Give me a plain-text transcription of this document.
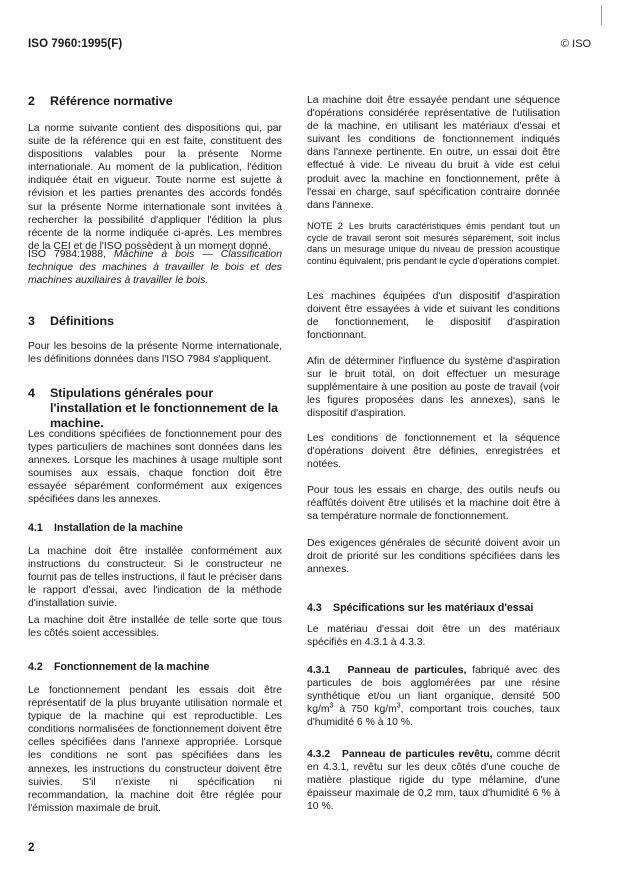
ISO 7960:1995(F)	© ISO
2 Référence normative

La norme suivante contient des dispositions qui, par suite de la référence qui en est faite, constituent des dispositions valables pour la présente Norme internationale. Au moment de la publication, l'édition indiquée était en vigueur. Toute norme est sujette à révision et les parties prenantes des accords fondés sur la présente Norme internationale sont invitées à rechercher la possibilité d'appliquer l'édition la plus récente de la norme indiquée ci-après. Les membres de la CEI et de l'ISO possèdent à un moment donné.

ISO 7984:1988, Machine à bois — Classification technique des machines à travailler le bois et des machines auxiliaires à travailler le bois.

3 Définitions

Pour les besoins de la présente Norme internationale, les définitions données dans l'ISO 7984 s'appliquent.

4	Stipulations générales pour l'installation et le fonctionnement de la machine.

Les conditions spécifiées de fonctionnement pour des types particuliers de machines sont données dans les annexes. Lorsque les machines à usage multiple sont soumises aux essais, chaque fonction doit être essayée séparément conformément aux exigences spécifiées dans les annexes.

4.1 Installation de la machine

La machine doit être installée conformément aux instructions du constructeur. Si le constructeur ne fournit pas de telles instructions, il faut le préciser dans le rapport d'essai, avec l'indication de la méthode d'installation suivie.

La machine doit être installée de telle sorte que tous les côtés soient accessibles.

4.2 Fonctionnement de la machine

Le fonctionnement pendant les essais doit être représentatif de la plus bruyante utilisation normale et typique de la machine qui est reproductible. Les conditions normalisées de fonctionnement doivent être celles spécifiées dans l'annexe appropriée. Lorsque les conditions ne sont pas spécifiées dans les annexes, les instructions du constructeur doivent être suivies. S'il n'existe ni spécification ni recommandation, la machine doit être réglée pour l'émission maximale de bruit.

La machine doit être essayée pendant une séquence d'opérations considérée représentative de l'utilisation de la machine, en utilisant les matériaux d'essai et suivant les conditions de fonctionnement indiqués dans l'annexe pertinente. En outre, un essai doit être effectué à vide. Le niveau du bruit à vide est celui produit avec la machine en fonctionnement, prête à l'essai en charge, sauf spécification contraire donnée dans l'annexe.

NOTE 2 Les bruits caractéristiques émis pendant tout un cycle de travail seront soit mesurés séparément, soit inclus dans un mesurage unique du niveau de pression acoustique continu équivalent, pris pendant le cycle d'opérations complet.

Les machines équipées d'un dispositif d'aspiration doivent être essayées à vide et suivant les conditions de fonctionnement, le dispositif d'aspiration fonctionnant.

Afin de déterminer l'influence du système d'aspiration sur le bruit total, on doit effectuer un mesurage supplémentaire à une position au poste de travail (voir les figures proposées dans les annexes), sans le dispositif d'aspiration.

Les conditions de fonctionnement et la séquence d'opérations doivent être définies, enregistrées et notées.

Pour tous les essais en charge, des outils neufs ou réaffûtés doivent être utilisés et la machine doit être à sa température normale de fonctionnement.

Des exigences générales de sécurité doivent avoir un droit de priorité sur les conditions spécifiées dans les annexes.

4.3 Spécifications sur les matériaux d'essai

Le matériau d'essai doit être un des matériaux spécifiés en 4.3.1 à 4.3.3.

4.3.1 Panneau de particules, fabriqué avec des particules de bois agglomérées par une résine synthétique et/ou un liant organique, densité 500 $kg/m^3$ à 750 $kg/m^3$, comportant trois couches, taux d'humidité 6 % à 10 %.

4.3.2 Panneau de particules revêtu, comme décrit en 4.3.1, revêtu sur les deux côtés d'une couche de matière plastique rigide du type mélamine, d'une épaisseur maximale de 0,2 mm, taux d'humidité 6 % à 10 %.

2
